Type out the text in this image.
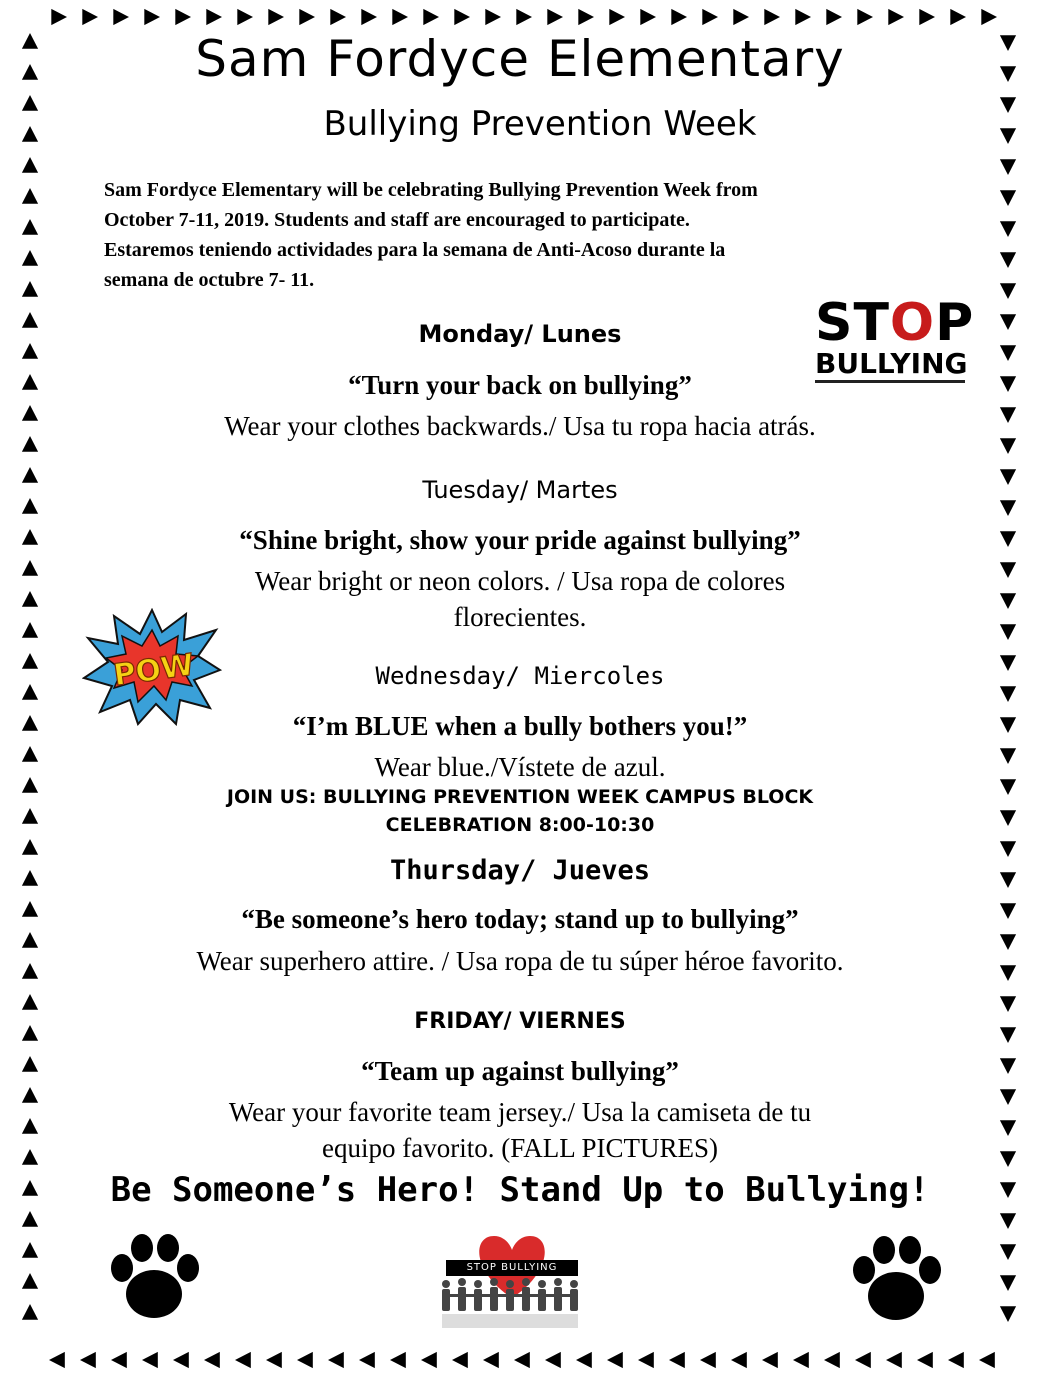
Sam Fordyce Elementary
Bullying Prevention Week
Sam Fordyce Elementary will be celebrating Bullying Prevention Week from
October 7-11, 2019. Students and staff are encouraged to participate.
Estaremos teniendo actividades para la semana de Anti-Acoso durante la
semana de octubre 7- 11.
STOP
BULLYING
Monday/ Lunes
“Turn your back on bullying”
Wear your clothes backwards./ Usa tu ropa hacia atrás.
Tuesday/ Martes
“Shine bright, show your pride against bullying”
Wear bright or neon colors. / Usa ropa de colores
florecientes.
POW	Wednesday/ Miercoles
“I’m BLUE when a bully bothers you!”
Wear blue./Vístete de azul.
JOIN US: BULLYING PREVENTION WEEK CAMPUS BLOCK
CELEBRATION 8:00-10:30
Thursday/ Jueves
“Be someone’s hero today; stand up to bullying”
Wear superhero attire. / Usa ropa de tu súper héroe favorito.
FRIDAY/ VIERNES
“Team up against bullying”
Wear your favorite team jersey./ Usa la camiseta de tu
equipo favorito. (FALL PICTURES)
Be Someone’s Hero! Stand Up to Bullying!
STOP BULLYING
